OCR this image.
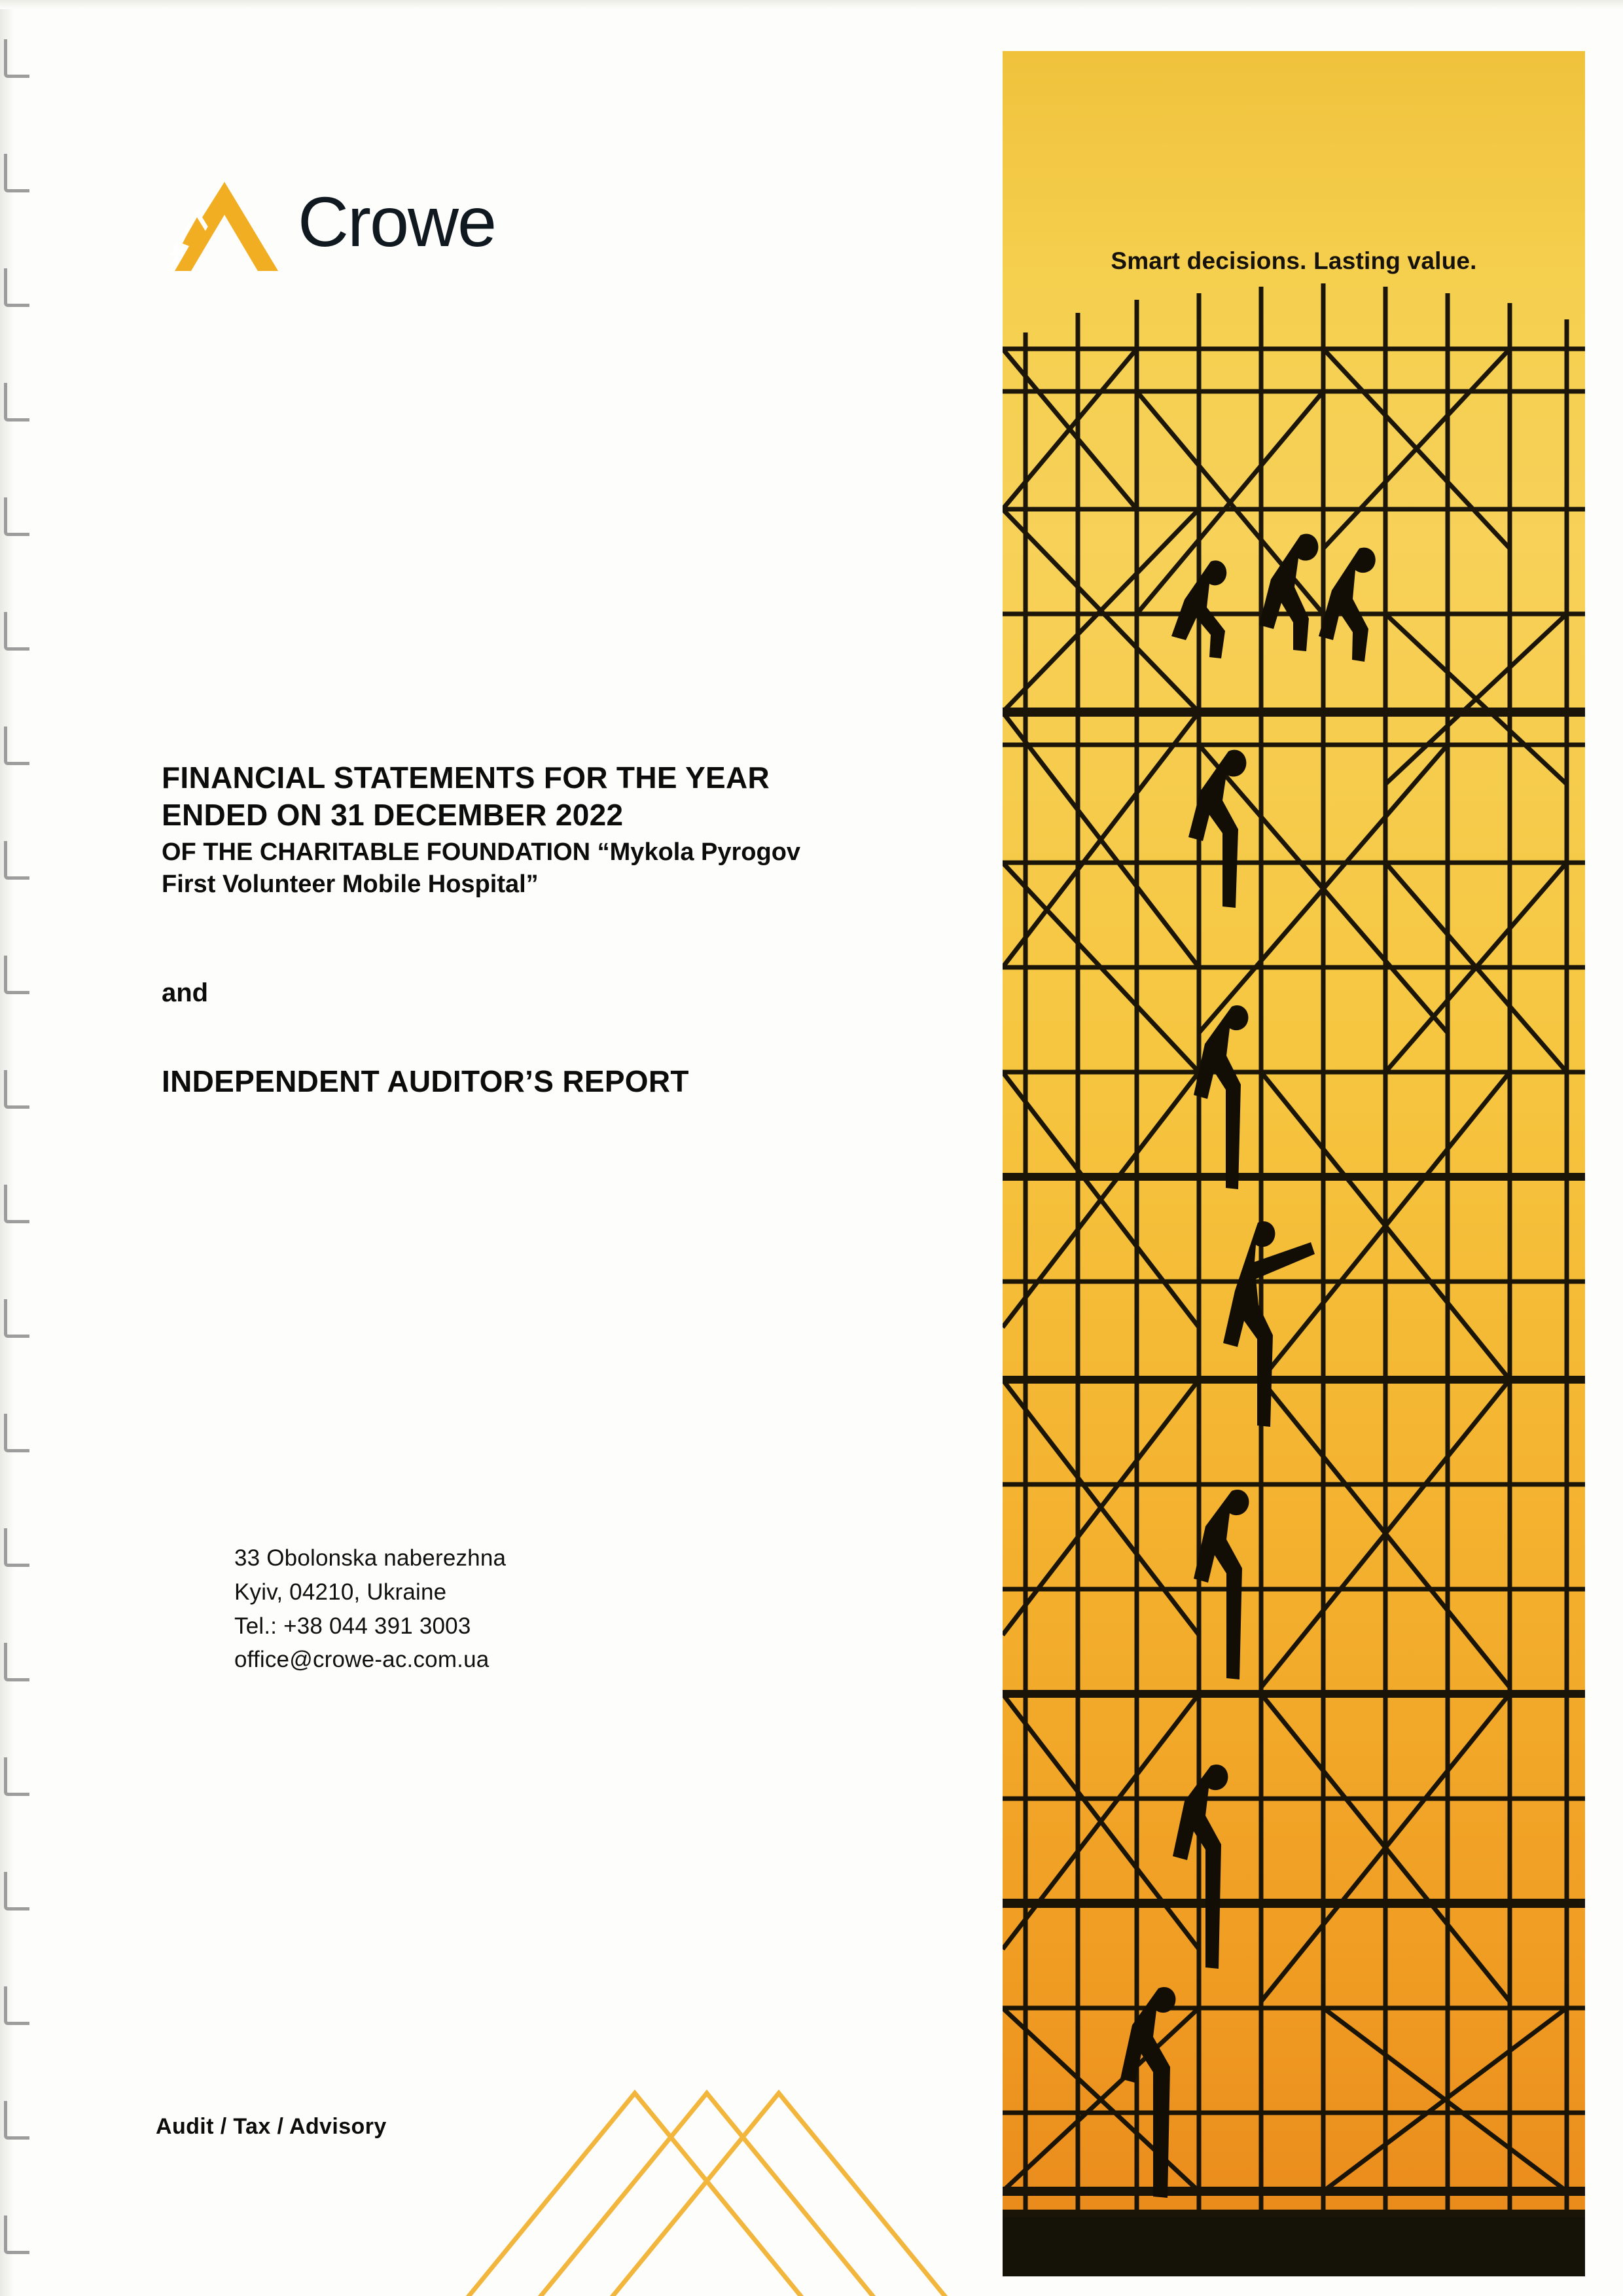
Crowe
FINANCIAL STATEMENTS FOR THE YEAR
ENDED ON 31 DECEMBER 2022
OF THE CHARITABLE FOUNDATION “Mykola Pyrogov
First Volunteer Mobile Hospital”
and
INDEPENDENT AUDITOR’S REPORT
33 Obolonska naberezhna
Kyiv, 04210, Ukraine
Tel.: +38 044 391 3003
office@crowe-ac.com.ua
Audit / Tax / Advisory
Smart decisions. Lasting value.
